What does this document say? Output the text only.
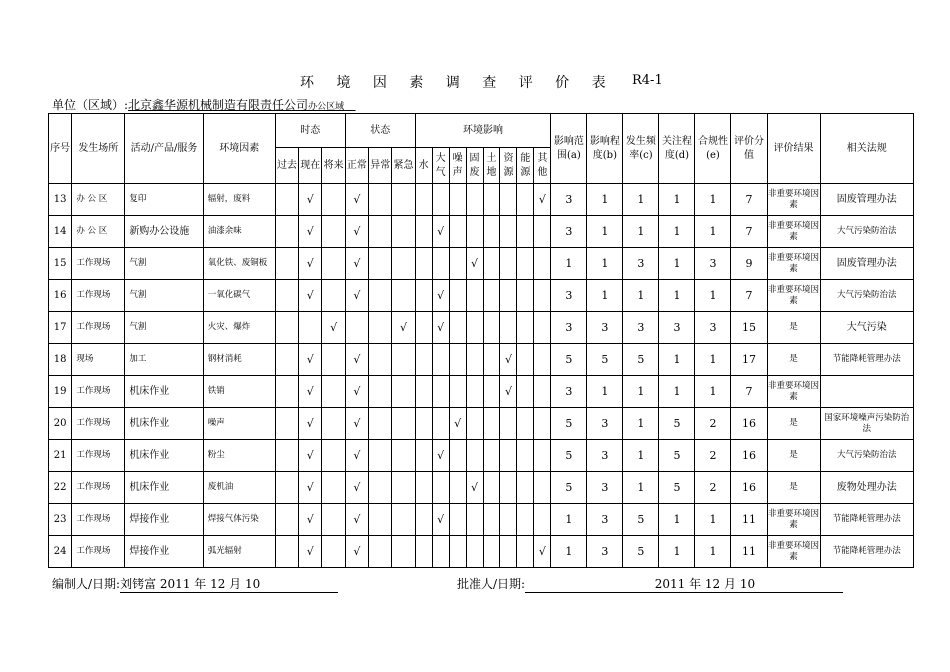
环 境 因 素 调 查 评 价 表 R4-1
单位（区域）:北京鑫华源机械制造有限责任公司办公区域
序号	发生场所	活动/产品/服务	环境因素	时态			状态			环境影响								影响范围(a)	影响程度(b)	发生频率(c)	关注程度(d)	合规性(e)	评价分值	评价结果	相关法规
				过去	现在	将来	正常	异常	紧急	水	大气	噪声	固废	土地	资源	能源	其他								
13	办 公 区	复印	辐射，废料		√		√										√	3	1	1	1	1	7	非重要环境因素	固废管理办法
14	办 公 区	新购办公设施	油漆余味		√		√				√							3	1	1	1	1	7	非重要环境因素	大气污染防治法
15	工作现场	气割	氧化铁、废铜板		√		√						√					1	1	3	1	3	9	非重要环境因素	固废管理办法
16	工作现场	气割	一氧化碳气		√		√				√							3	1	1	1	1	7	非重要环境因素	大气污染防治法
17	工作现场	气割	火灾、爆炸			√			√		√							3	3	3	3	3	15	是	大气污染
18	现场	加工	钢材消耗		√		√								√			5	5	5	1	1	17	是	节能降耗管理办法
19	工作现场	机床作业	铁销		√		√								√			3	1	1	1	1	7	非重要环境因素	
20	工作现场	机床作业	噪声		√		√					√						5	3	1	5	2	16	是	国家环境噪声污染防治法
21	工作现场	机床作业	粉尘		√		√				√							5	3	1	5	2	16	是	大气污染防治法
22	工作现场	机床作业	废机油		√		√						√					5	3	1	5	2	16	是	废物处理办法
23	工作现场	焊接作业	焊接气体污染		√		√				√							1	3	5	1	1	11	非重要环境因素	节能降耗管理办法
24	工作现场	焊接作业	弧光辐射		√		√										√	1	3	5	1	1	11	非重要环境因素	节能降耗管理办法
编制人/日期:刘铐富 2011 年 12 月 10	批准人/日期:	2011 年 12 月 10
